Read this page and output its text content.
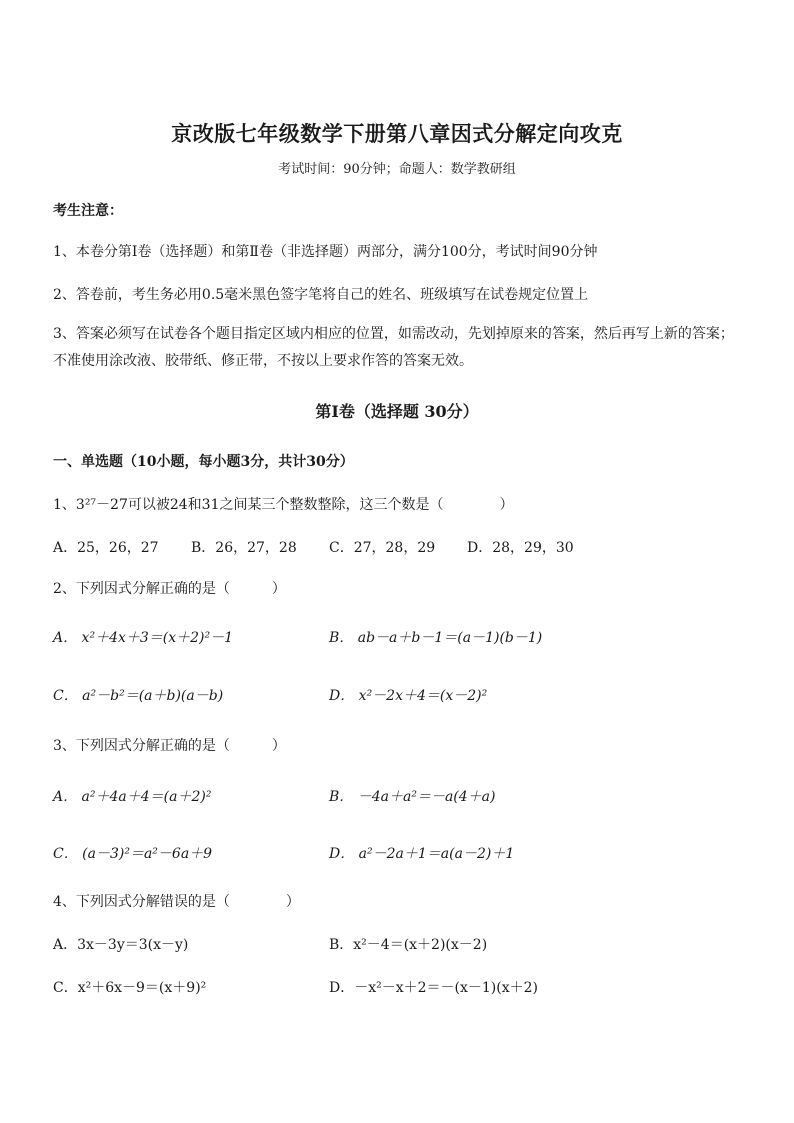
京改版七年级数学下册第八章因式分解定向攻克
考试时间：90分钟；命题人：数学教研组
考生注意：
1、本卷分第Ⅰ卷（选择题）和第Ⅱ卷（非选择题）两部分，满分100分，考试时间90分钟
2、答卷前，考生务必用0.5毫米黑色签字笔将自己的姓名、班级填写在试卷规定位置上
3、答案必须写在试卷各个题目指定区域内相应的位置，如需改动，先划掉原来的答案，然后再写上新的答案；不准使用涂改液、胶带纸、修正带，不按以上要求作答的答案无效。
第Ⅰ卷（选择题 30分）
一、单选题（10小题，每小题3分，共计30分）
1、3²⁷－27可以被24和31之间某三个整数整除，这三个数是（　　　　）
A．25，26，27 B．26，27，28 C．27，28，29 D．28，29，30
2、下列因式分解正确的是（　　　）
A． x²＋4x＋3＝(x＋2)²－1	B． ab－a＋b－1＝(a－1)(b－1)
C． a²－b²＝(a＋b)(a－b)	D． x²－2x＋4＝(x－2)²
3、下列因式分解正确的是（　　　）
A． a²＋4a＋4＝(a＋2)²	B． －4a＋a²＝－a(4＋a)
C． (a－3)²＝a²－6a＋9	D． a²－2a＋1＝a(a－2)＋1
4、下列因式分解错误的是（　　　　）
A．3x－3y＝3(x－y)	B．x²－4＝(x＋2)(x－2)
C．x²＋6x－9＝(x＋9)²	D．－x²－x＋2＝－(x－1)(x＋2)
